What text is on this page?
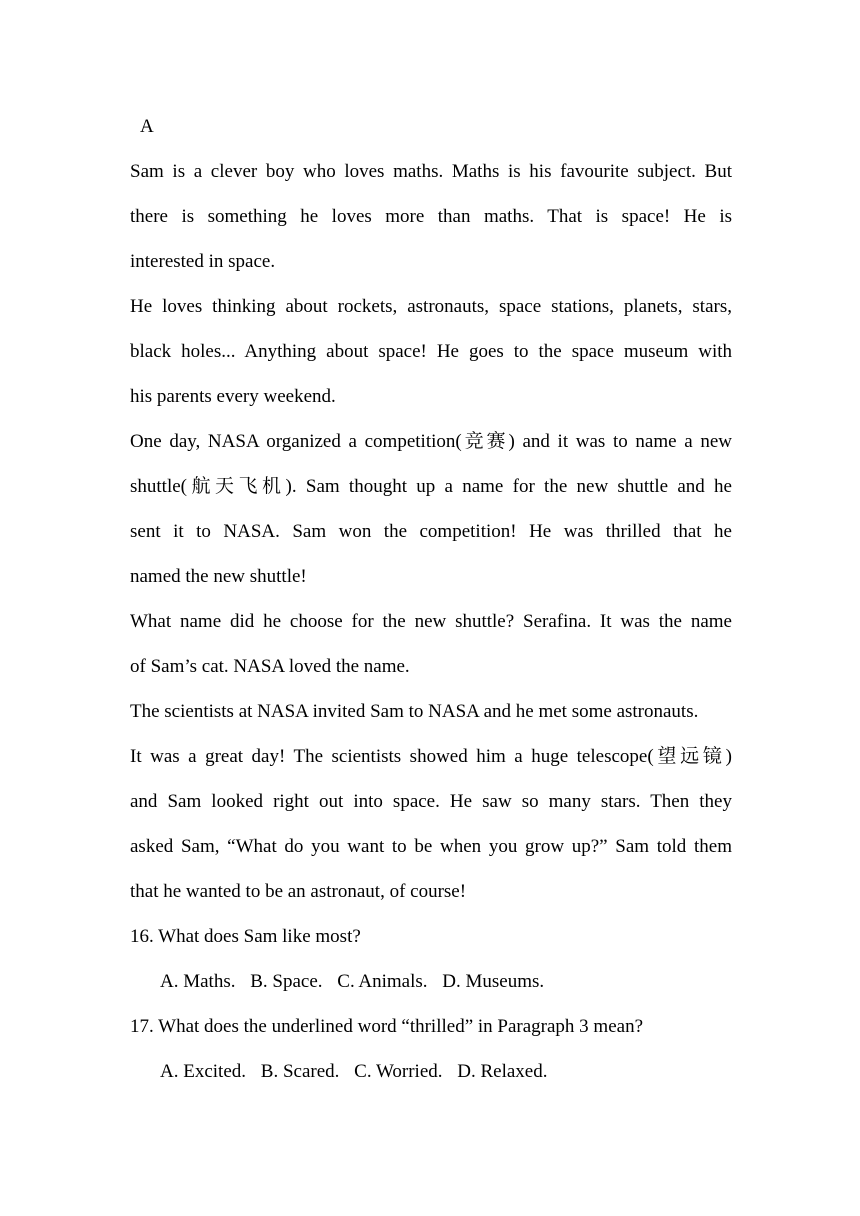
A
Sam is a clever boy who loves maths. Maths is his favourite subject. But
there is something he loves more than maths. That is space! He is
interested in space.
He loves thinking about rockets, astronauts, space stations, planets, stars,
black holes... Anything about space! He goes to the space museum with
his parents every weekend.
One day, NASA organized a competition(竞赛) and it was to name a new
shuttle(航天飞机). Sam thought up a name for the new shuttle and he
sent it to NASA. Sam won the competition! He was thrilled that he
named the new shuttle!
What name did he choose for the new shuttle? Serafina. It was the name
of Sam’s cat. NASA loved the name.
The scientists at NASA invited Sam to NASA and he met some astronauts.
It was a great day! The scientists showed him a huge telescope(望远镜)
and Sam looked right out into space. He saw so many stars. Then they
asked Sam, “What do you want to be when you grow up?” Sam told them
that he wanted to be an astronaut, of course!
16. What does Sam like most?
A. Maths. B. Space. C. Animals. D. Museums.
17. What does the underlined word “thrilled” in Paragraph 3 mean?
A. Excited. B. Scared. C. Worried. D. Relaxed.
